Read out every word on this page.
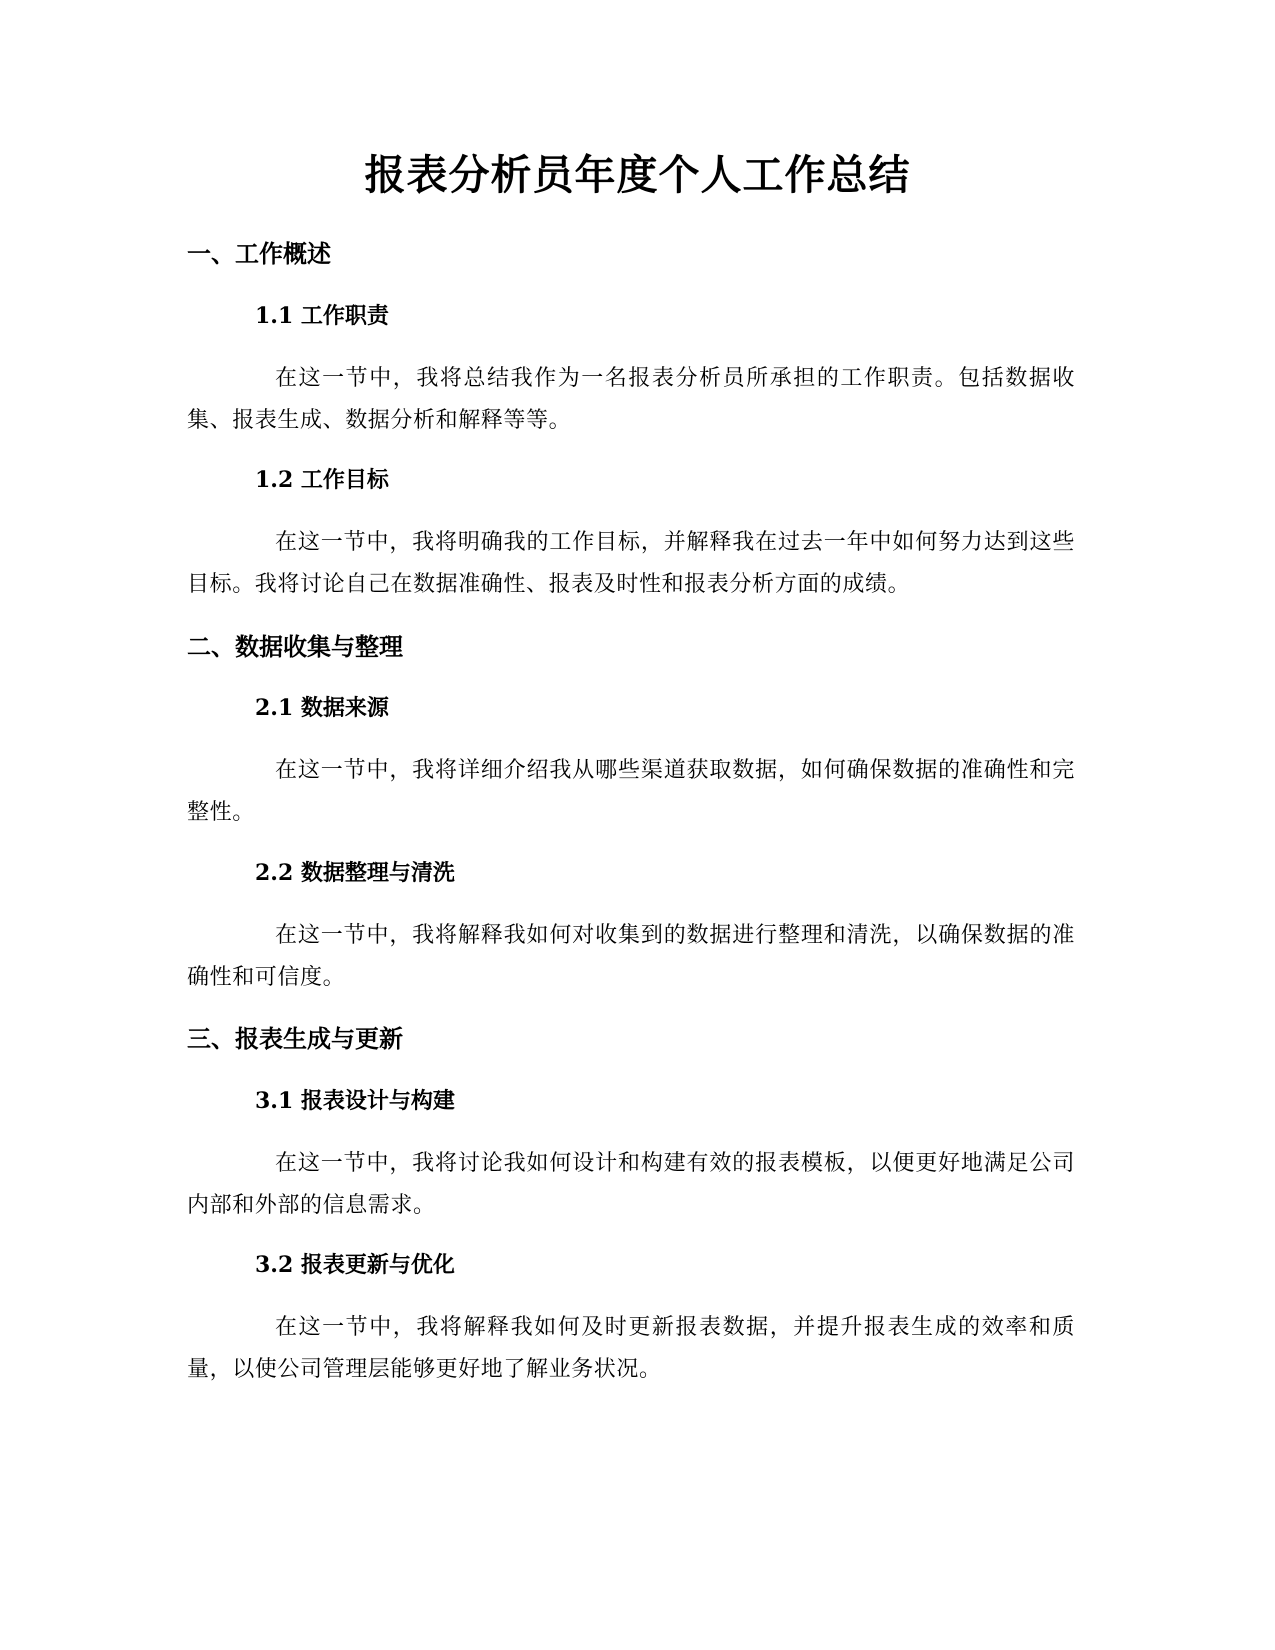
报表分析员年度个人工作总结
一、工作概述
1.1 工作职责

在这一节中，我将总结我作为一名报表分析员所承担的工作职责。包括数据收集、报表生成、数据分析和解释等等。

1.2 工作目标

在这一节中，我将明确我的工作目标，并解释我在过去一年中如何努力达到这些目标。我将讨论自己在数据准确性、报表及时性和报表分析方面的成绩。

二、数据收集与整理
2.1 数据来源

在这一节中，我将详细介绍我从哪些渠道获取数据，如何确保数据的准确性和完整性。

2.2 数据整理与清洗

在这一节中，我将解释我如何对收集到的数据进行整理和清洗，以确保数据的准确性和可信度。

三、报表生成与更新
3.1 报表设计与构建

在这一节中，我将讨论我如何设计和构建有效的报表模板，以便更好地满足公司内部和外部的信息需求。

3.2 报表更新与优化

在这一节中，我将解释我如何及时更新报表数据，并提升报表生成的效率和质量，以使公司管理层能够更好地了解业务状况。
